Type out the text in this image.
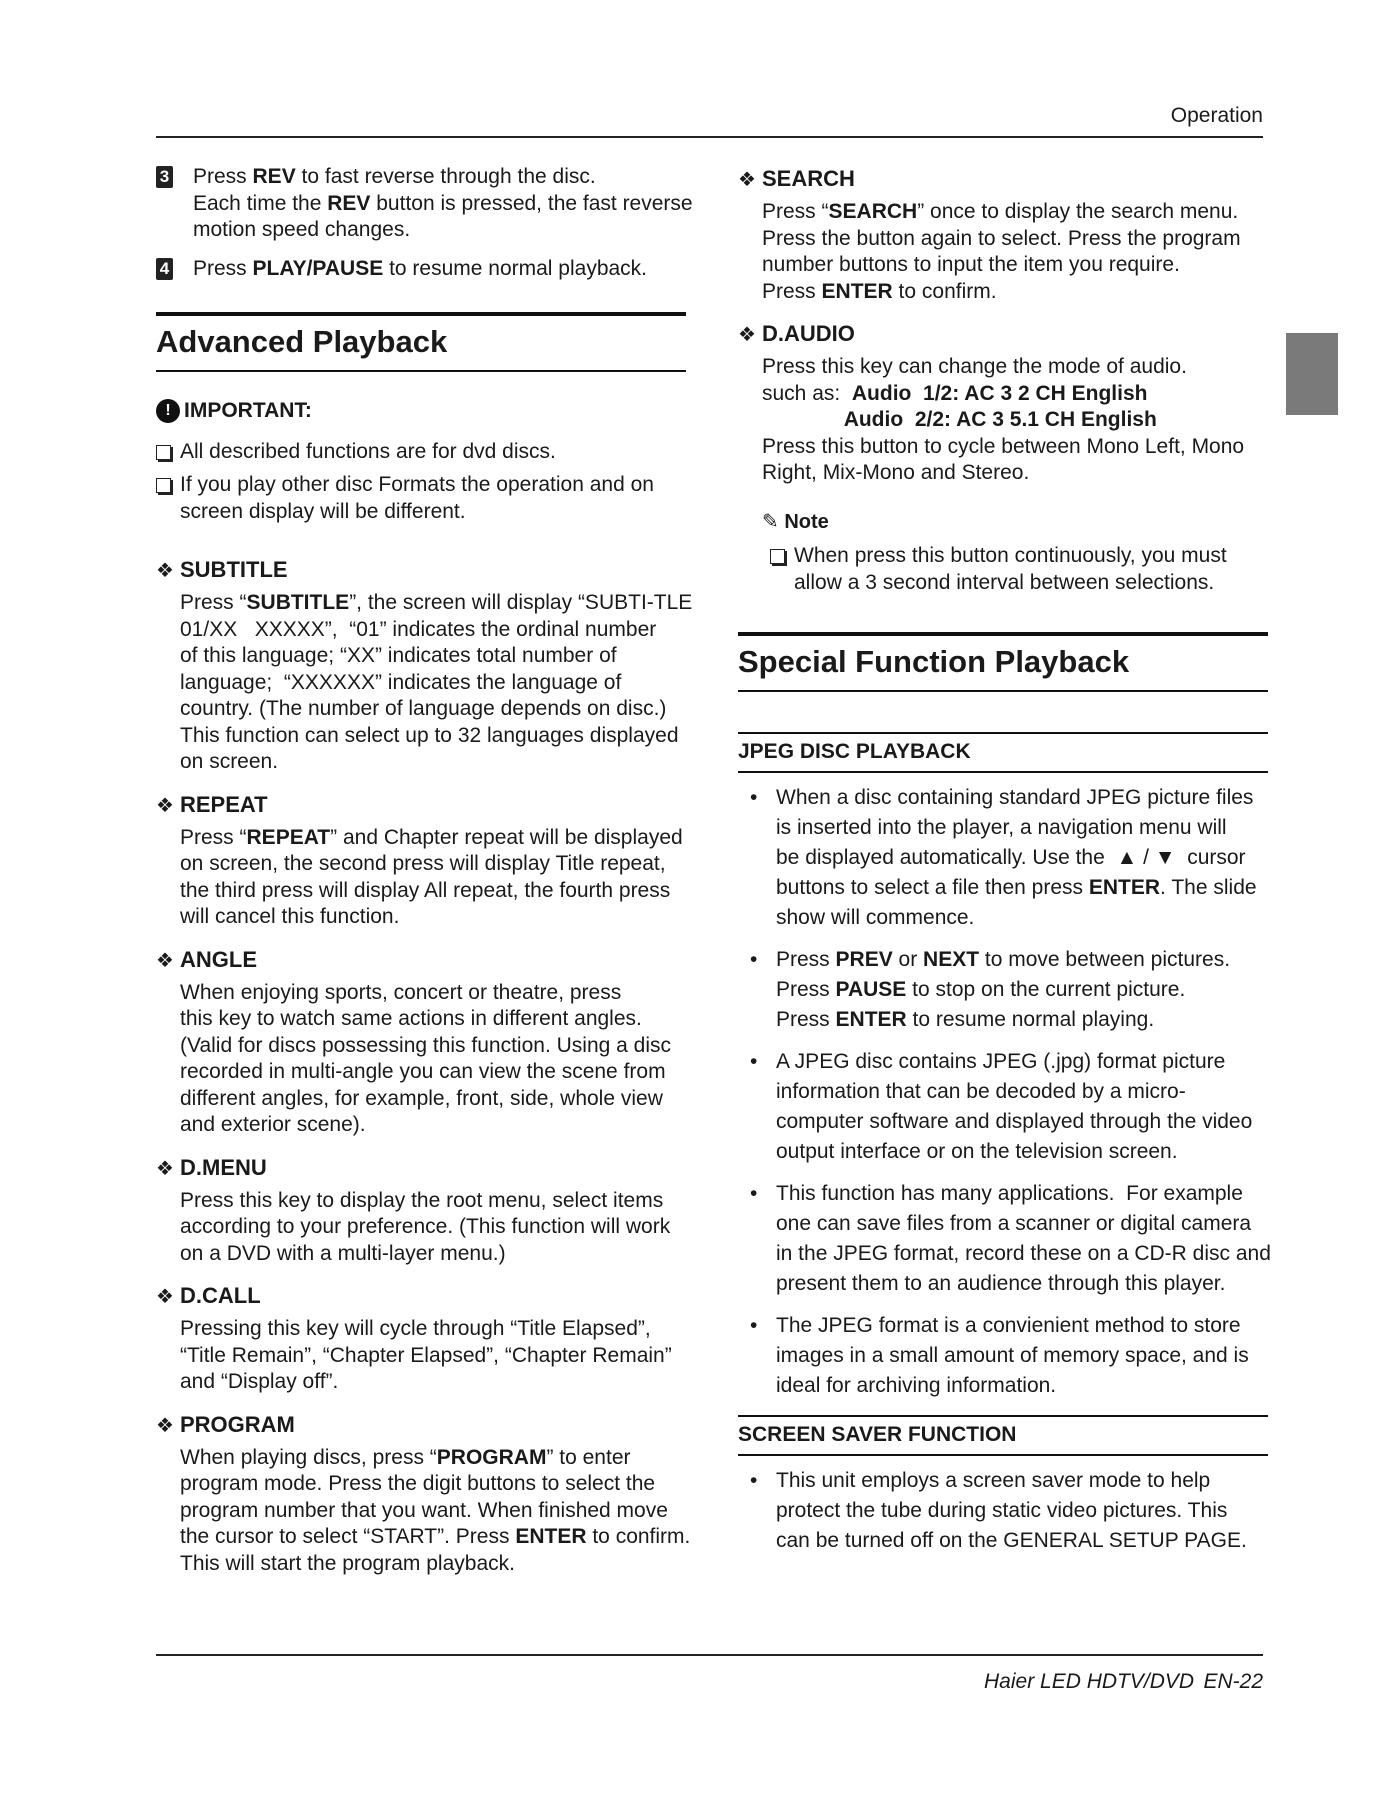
Operation
3 Press REV to fast reverse through the disc.
Each time the REV button is pressed, the fast reverse
motion speed changes.
4 Press PLAY/PAUSE to resume normal playback.
Advanced Playback
! IMPORTANT:
All described functions are for dvd discs.
If you play other disc Formats the operation and on screen display will be different.
❖ SUBTITLE
Press “SUBTITLE”, the screen will display “SUBTI-TLE
01/XX   XXXXX”,  “01” indicates the ordinal number
of this language; “XX” indicates total number of
language;  “XXXXXX” indicates the language of
country. (The number of language depends on disc.)
This function can select up to 32 languages displayed
on screen.
❖ REPEAT
Press “REPEAT” and Chapter repeat will be displayed
on screen, the second press will display Title repeat,
the third press will display All repeat, the fourth press
will cancel this function.
❖ ANGLE
When enjoying sports, concert or theatre, press
this key to watch same actions in different angles.
(Valid for discs possessing this function. Using a disc
recorded in multi-angle you can view the scene from
different angles, for example, front, side, whole view
and exterior scene).
❖ D.MENU
Press this key to display the root menu, select items
according to your preference. (This function will work
on a DVD with a multi-layer menu.)
❖ D.CALL
Pressing this key will cycle through “Title Elapsed”,
“Title Remain”, “Chapter Elapsed”, “Chapter Remain”
and “Display off”.
❖ PROGRAM
When playing discs, press “PROGRAM” to enter
program mode. Press the digit buttons to select the
program number that you want. When finished move
the cursor to select “START”. Press ENTER to confirm.
This will start the program playback.
❖ SEARCH
Press “SEARCH” once to display the search menu.
Press the button again to select. Press the program
number buttons to input the item you require.
Press ENTER to confirm.
❖ D.AUDIO
Press this key can change the mode of audio.
such as:  Audio  1/2: AC 3 2 CH English
Audio  2/2: AC 3 5.1 CH English
Press this button to cycle between Mono Left, Mono
Right, Mix-Mono and Stereo.
✎ Note
When press this button continuously, you must allow a 3 second interval between selections.
Special Function Playback
JPEG DISC PLAYBACK
• When a disc containing standard JPEG picture files
is inserted into the player, a navigation menu will
be displayed automatically. Use the  ▲ / ▼  cursor
buttons to select a file then press ENTER. The slide
show will commence.
• Press PREV or NEXT to move between pictures.
Press PAUSE to stop on the current picture.
Press ENTER to resume normal playing.
• A JPEG disc contains JPEG (.jpg) format picture
information that can be decoded by a micro-
computer software and displayed through the video
output interface or on the television screen.
• This function has many applications.  For example
one can save files from a scanner or digital camera
in the JPEG format, record these on a CD-R disc and
present them to an audience through this player.
• The JPEG format is a convienient method to store
images in a small amount of memory space, and is
ideal for archiving information.
SCREEN SAVER FUNCTION
• This unit employs a screen saver mode to help
protect the tube during static video pictures. This
can be turned off on the GENERAL SETUP PAGE.
Haier LED HDTV/DVD EN-22
